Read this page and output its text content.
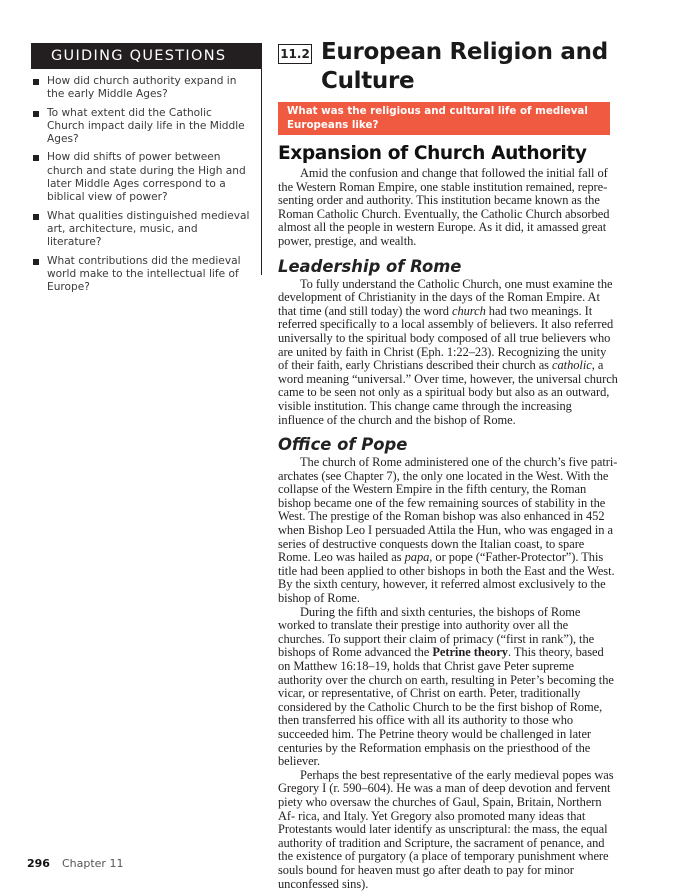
GUIDING QUESTIONS
How did church authority expand in the early Middle Ages?
To what extent did the Catholic Church impact daily life in the Middle Ages?
How did shifts of power between church and state during the High and later Middle Ages correspond to a biblical view of power?
What qualities distinguished medieval art, architecture, music, and literature?
What contributions did the medieval world make to the intellectual life of Europe?
11.2 European Religion and Culture
What was the religious and cultural life of medieval Europeans like?
Expansion of Church Authority

Amid the confusion and change that followed the initial fall of the Western Roman Empire, one stable institution remained, repre- senting order and authority. This institution became known as the Roman Catholic Church. Eventually, the Catholic Church absorbed almost all the people in western Europe. As it did, it amassed great power, prestige, and wealth.

Leadership of Rome

To fully understand the Catholic Church, one must examine the development of Christianity in the days of the Roman Empire. At that time (and still today) the word church had two meanings. It referred specifically to a local assembly of believers. It also referred universally to the spiritual body composed of all true believers who are united by faith in Christ (Eph. 1:22–23). Recognizing the unity of their faith, early Christians described their church as catholic, a word meaning “universal.” Over time, however, the universal church came to be seen not only as a spiritual body but also as an outward, visible institution. This change came through the increasing influence of the church and the bishop of Rome.

Office of Pope

The church of Rome administered one of the church’s five patri- archates (see Chapter 7), the only one located in the West. With the collapse of the Western Empire in the fifth century, the Roman bishop became one of the few remaining sources of stability in the West. The prestige of the Roman bishop was also enhanced in 452 when Bishop Leo I persuaded Attila the Hun, who was engaged in a series of destructive conquests down the Italian coast, to spare Rome. Leo was hailed as papa, or pope (“Father-Protector”). This title had been applied to other bishops in both the East and the West. By the sixth century, however, it referred almost exclusively to the bishop of Rome.

During the fifth and sixth centuries, the bishops of Rome worked to translate their prestige into authority over all the churches. To support their claim of primacy (“first in rank”), the bishops of Rome advanced the Petrine theory. This theory, based on Matthew 16:18–19, holds that Christ gave Peter supreme authority over the church on earth, resulting in Peter’s becoming the vicar, or representative, of Christ on earth. Peter, traditionally considered by the Catholic Church to be the first bishop of Rome, then transferred his office with all its authority to those who succeeded him. The Petrine theory would be challenged in later centuries by the Reformation emphasis on the priesthood of the believer.

Perhaps the best representative of the early medieval popes was Gregory I (r. 590–604). He was a man of deep devotion and fervent piety who oversaw the churches of Gaul, Spain, Britain, Northern Af- rica, and Italy. Yet Gregory also promoted many ideas that Protestants would later identify as unscriptural: the mass, the equal authority of tradition and Scripture, the sacrament of penance, and the existence of purgatory (a place of temporary punishment where souls bound for heaven must go after death to pay for minor unconfessed sins).

296 Chapter 11
